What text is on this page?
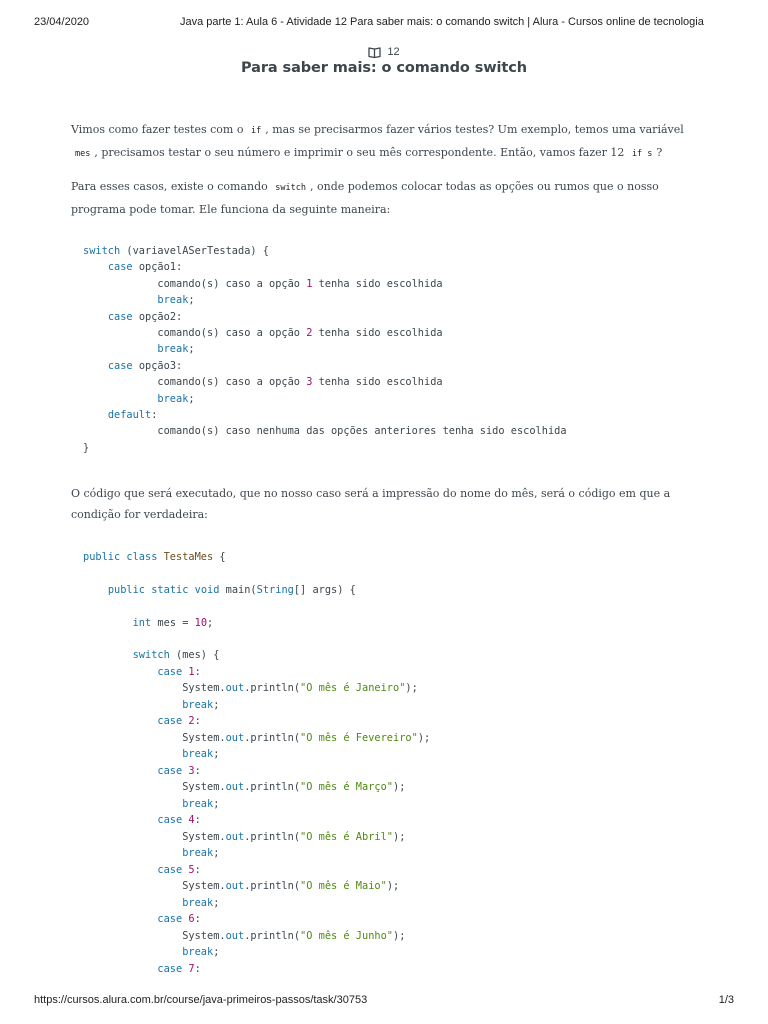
23/04/2020	Java parte 1: Aula 6 - Atividade 12 Para saber mais: o comando switch | Alura - Cursos online de tecnologia
12
Para saber mais: o comando switch
Vimos como fazer testes com o if , mas se precisarmos fazer vários testes? Um exemplo, temos uma variável mes , precisamos testar o seu número e imprimir o seu mês correspondente. Então, vamos fazer 12 if s ?
Para esses casos, existe o comando switch , onde podemos colocar todas as opções ou rumos que o nosso programa pode tomar. Ele funciona da seguinte maneira:
switch (variavelASerTestada) {
case opção1:
comando(s) caso a opção 1 tenha sido escolhida
break;
case opção2:
comando(s) caso a opção 2 tenha sido escolhida
break;
case opção3:
comando(s) caso a opção 3 tenha sido escolhida
break;
default:
comando(s) caso nenhuma das opções anteriores tenha sido escolhida
}
O código que será executado, que no nosso caso será a impressão do nome do mês, será o código em que a condição for verdadeira:
public class TestaMes {
public static void main(String[] args) {
int mes = 10;
switch (mes) {
case 1:
System.out.println("O mês é Janeiro");
break;
case 2:
System.out.println("O mês é Fevereiro");
break;
case 3:
System.out.println("O mês é Março");
break;
case 4:
System.out.println("O mês é Abril");
break;
case 5:
System.out.println("O mês é Maio");
break;
case 6:
System.out.println("O mês é Junho");
break;
case 7:
https://cursos.alura.com.br/course/java-primeiros-passos/task/30753	1/3
